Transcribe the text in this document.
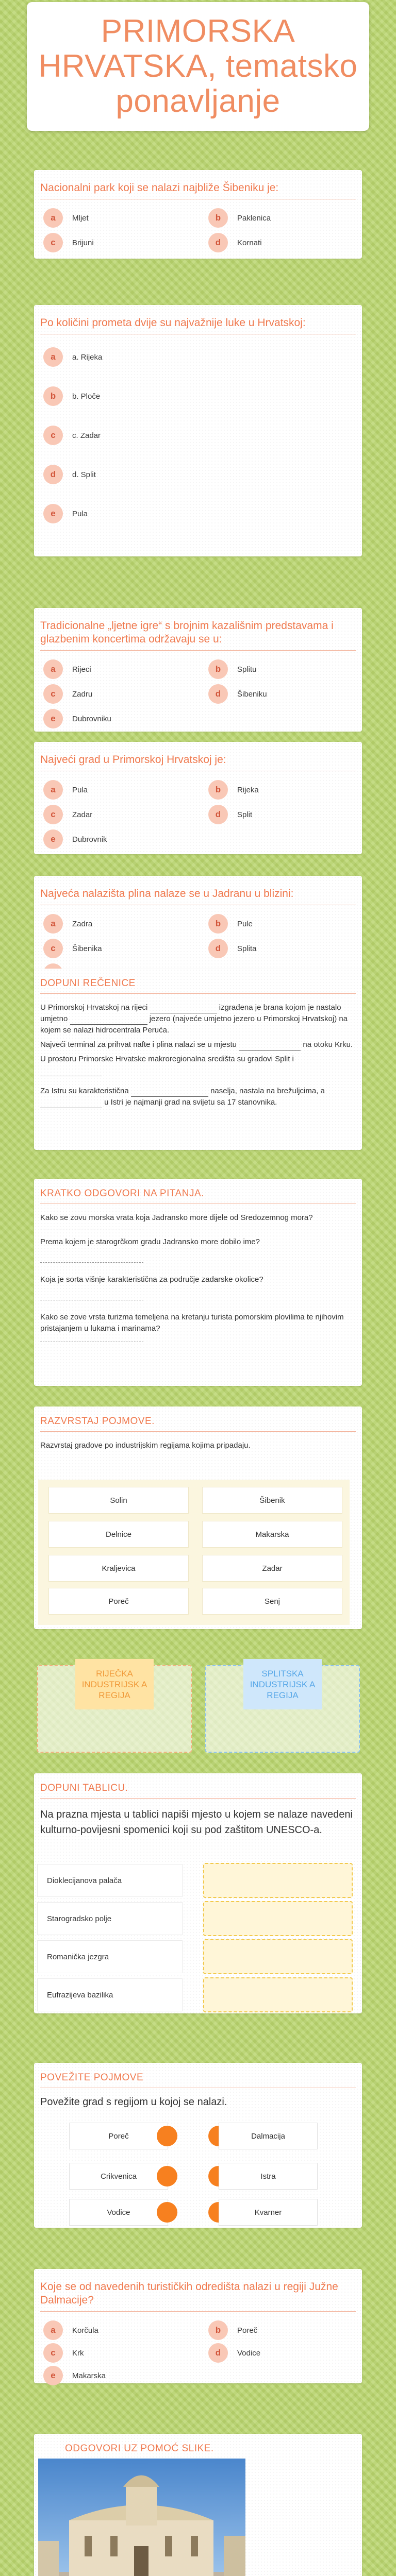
PRIMORSKA HRVATSKA, tematsko ponavljanje
Nacionalni park koji se nalazi najbliže Šibeniku je:
a	Mljet	b	Paklenica
c	Brijuni	d	Kornati
Po količini prometa dvije su najvažnije luke u Hrvatskoj:
a	a. Rijeka
b	b. Ploče
c	c. Zadar
d	d. Split
e	Pula
Tradicionalne „ljetne igre“ s brojnim kazališnim predstavama i glazbenim koncertima održavaju se u:
a	Rijeci	b	Splitu
c	Zadru	d	Šibeniku
e	Dubrovniku
Najveći grad u Primorskoj Hrvatskoj je:
a	Pula	b	Rijeka
c	Zadar	d	Split
e	Dubrovnik
Najveća nalazišta plina nalaze se u Jadranu u blizini:
a	Zadra	b	Pule
c	Šibenika	d	Splita
DOPUNI REČENICE
U Primorskoj Hrvatskoj na rijeci	izgrađena je brana kojom je nastalo umjetno	jezero (najveće umjetno jezero u Primorskoj Hrvatskoj) na kojem se nalazi hidrocentrala Peruća.
Najveći terminal za prihvat nafte i plina nalazi se u mjestu	na otoku Krku.
U prostoru Primorske Hrvatske makroregionalna središta su gradovi Split i
Za Istru su karakteristična	naselja, nastala na brežuljcima, a  u Istri je najmanji grad na svijetu sa 17 stanovnika.
KRATKO ODGOVORI NA PITANJA.
Kako se zovu morska vrata koja Jadransko more dijele od Sredozemnog mora?
Prema kojem je starogrčkom gradu Jadransko more dobilo ime?
Koja je sorta višnje karakteristična za područje zadarske okolice?
Kako se zove vrsta turizma temeljena na kretanju turista pomorskim plovilima te njihovim pristajanjem u lukama i marinama?
RAZVRSTAJ POJMOVE.
Razvrstaj gradove po industrijskim regijama kojima pripadaju.
Solin	Šibenik
Delnice	Makarska
Kraljevica	Zadar
Poreč	Senj
RIJEČKA INDUSTRIJSK A REGIJA
SPLITSKA INDUSTRIJSK A REGIJA
DOPUNI TABLICU.
Na prazna mjesta u tablici napiši mjesto u kojem se nalaze navedeni kulturno-povijesni spomenici koji su pod zaštitom UNESCO-a.
Dioklecijanova palača
Starogradsko polje
Romanička jezgra
Eufrazijeva bazilika
POVEŽITE POJMOVE
Povežite grad s regijom u kojoj se nalazi.
Poreč	Dalmacija
Crikvenica	Istra
Vodice	Kvarner
Koje se od navedenih turističkih odredišta nalazi u regiji Južne Dalmacije?
a	Korčula	b	Poreč
c	Krk	d	Vodice
e	Makarska
ODGOVORI UZ POMOĆ SLIKE.
